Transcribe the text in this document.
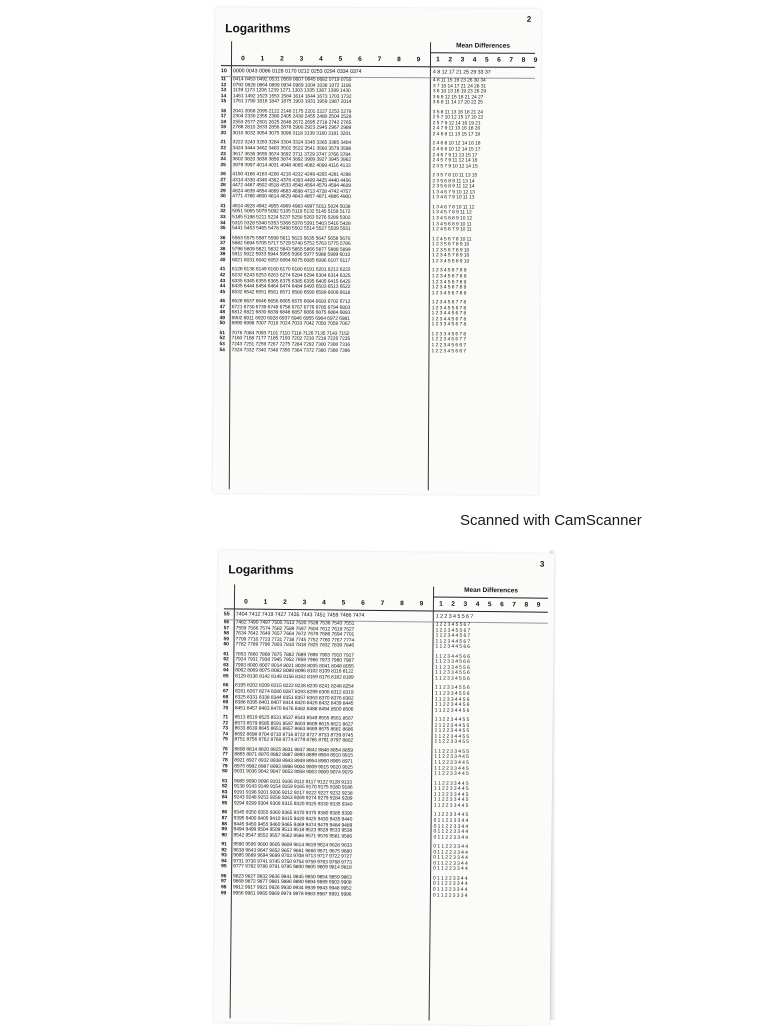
Logarithms
2
Mean Differences
0	1	2	3	4	5	6	7	8	9	1	2	3	4	5	6	7	8	9
10	0000 0043 0086 0128 0170 0212 0253 0294 0334 0374	4 8 12 17 21 25 29 33 37
11	0414 0453 0492 0531 0569 0607 0645 0682 0719 0755	4 8 11 15 19 23 26 30 34
12	0792 0828 0864 0899 0934 0969 1004 1038 1072 1106	3 7 10 14 17 21 24 28 31
13	1139 1173 1206 1239 1271 1303 1335 1367 1399 1430	3 6 10 13 16 19 23 26 29
14	1461 1492 1523 1553 1584 1614 1644 1673 1703 1732	3 6 9 12 15 18 21 24 27
15	1761 1790 1818 1847 1875 1903 1931 1959 1987 2014	3 6 8 11 14 17 20 22 25
16	2041 2068 2095 2122 2148 2175 2201 2227 2253 2279	3 5 8 11 13 16 18 21 24
17	2304 2330 2355 2380 2405 2430 2455 2480 2504 2529	2 5 7 10 12 15 17 20 22
18	2553 2577 2601 2625 2648 2672 2695 2718 2742 2765	2 5 7 9 12 14 16 19 21
19	2788 2810 2833 2856 2878 2900 2923 2945 2967 2989	2 4 7 9 11 13 16 18 20
20	3010 3032 3054 3075 3096 3118 3139 3160 3181 3201	2 4 6 8 11 13 15 17 19
21	3222 3243 3263 3284 3304 3324 3345 3365 3385 3404	2 4 6 8 10 12 14 16 18
22	3424 3444 3462 3483 3502 3522 3541 3560 3579 3598	2 4 6 8 10 12 14 15 17
23	3617 3636 3655 3674 3692 3711 3729 3747 3766 3784	2 4 6 7 9 11 13 15 17
24	3802 3820 3838 3856 3874 3892 3909 3927 3945 3962	2 4 5 7 9 11 12 14 16
25	3979 3997 4014 4031 4048 4065 4082 4099 4116 4133	2 3 5 7 9 10 12 14 15
26	4150 4166 4183 4200 4216 4232 4249 4265 4281 4298	2 3 5 7 8 10 11 13 15
27	4314 4330 4346 4362 4378 4393 4409 4425 4440 4456	2 3 5 6 8 9 11 13 14
28	4472 4487 4502 4518 4533 4548 4564 4579 4594 4609	2 3 5 6 8 9 11 12 14
29	4624 4639 4654 4669 4683 4698 4713 4728 4742 4757	1 3 4 6 7 9 10 12 13
30	4771 4786 4800 4814 4829 4843 4857 4871 4886 4900	1 3 4 6 7 9 10 11 13
31	4914 4928 4942 4955 4969 4983 4997 5011 5024 5038	1 3 4 6 7 8 10 11 12
32	5051 5065 5079 5092 5105 5119 5132 5145 5159 5172	1 3 4 5 7 8 9 11 12
33	5185 5198 5211 5224 5237 5250 5263 5276 5289 5302	1 3 4 5 6 8 9 10 12
34	5315 5328 5340 5353 5366 5378 5391 5403 5416 5428	1 3 4 5 6 8 9 10 11
35	5441 5453 5465 5478 5490 5502 5514 5527 5539 5551	1 2 4 5 6 7 9 10 11
36	5563 5575 5587 5599 5611 5623 5635 5647 5658 5670	1 2 4 5 6 7 8 10 11
37	5682 5694 5705 5717 5729 5740 5752 5763 5775 5786	1 2 3 5 6 7 8 9 10
38	5798 5809 5821 5832 5843 5855 5866 5877 5888 5899	1 2 3 5 6 7 8 9 10
39	5911 5922 5933 5944 5955 5966 5977 5988 5999 6010	1 2 3 4 5 7 8 9 10
40	6021 6031 6042 6053 6064 6075 6085 6096 6107 6117	1 2 3 4 5 6 8 9 10
41	6128 6138 6149 6160 6170 6180 6191 6201 6212 6222	1 2 3 4 5 6 7 8 9
42	6232 6243 6253 6263 6274 6284 6294 6304 6314 6325	1 2 3 4 5 6 7 8 9
43	6335 6345 6355 6365 6375 6385 6395 6405 6415 6425	1 2 3 4 5 6 7 8 9
44	6435 6444 6454 6464 6474 6484 6493 6503 6513 6522	1 2 3 4 5 6 7 8 9
45	6532 6542 6551 6561 6571 6580 6590 6599 6609 6618	1 2 3 4 5 6 7 8 9
46	6628 6637 6646 6656 6665 6675 6684 6693 6702 6712	1 2 3 4 5 6 7 7 8
47	6721 6730 6739 6749 6758 6767 6776 6785 6794 6803	1 2 3 4 5 5 6 7 8
48	6812 6821 6830 6839 6848 6857 6866 6875 6884 6893	1 2 3 4 4 5 6 7 8
49	6902 6911 6920 6928 6937 6946 6955 6964 6972 6981	1 2 3 4 4 5 6 7 8
50	6990 6998 7007 7016 7024 7033 7042 7050 7059 7067	1 2 3 3 4 5 6 7 8
51	7076 7084 7093 7101 7110 7118 7126 7135 7143 7152	1 2 3 3 4 5 6 7 8
52	7160 7168 7177 7185 7193 7202 7210 7218 7226 7235	1 2 2 3 4 5 6 7 7
53	7243 7251 7259 7267 7275 7284 7292 7300 7308 7316	1 2 2 3 4 5 6 6 7
54	7324 7332 7340 7348 7356 7364 7372 7380 7388 7396	1 2 2 3 4 5 6 6 7
Scanned with CamScanner
Logarithms	3
Mean Differences
0	1	2	3	4	5	6	7	8	9	1	2	3	4	5	6	7	8	9
55	7404 7412 7419 7427 7435 7443 7451 7459 7466 7474	1 2 2 3 4 5 5 6 7
56	7482 7490 7497 7505 7513 7520 7528 7536 7543 7551	1 2 2 3 4 5 5 6 7
57	7559 7566 7574 7582 7589 7597 7604 7612 7619 7627	1 2 2 3 4 5 5 6 7
58	7634 7642 7649 7657 7664 7672 7679 7686 7694 7701	1 1 2 3 4 4 5 6 7
59	7709 7716 7723 7731 7738 7745 7752 7760 7767 7774	1 1 2 3 4 4 5 6 7
60	7782 7789 7796 7803 7810 7818 7825 7832 7839 7846	1 1 2 3 4 4 5 6 6
61	7853 7860 7868 7875 7882 7889 7896 7903 7910 7917	1 1 2 3 4 4 5 6 6
62	7924 7931 7938 7945 7952 7959 7966 7973 7980 7987	1 1 2 3 3 4 5 6 6
63	7993 8000 8007 8014 8021 8028 8035 8041 8048 8055	1 1 2 3 3 4 5 5 6
64	8062 8069 8075 8082 8089 8096 8102 8109 8116 8122	1 1 2 3 3 4 5 5 6
65	8129 8136 8142 8149 8156 8162 8169 8176 8182 8189	1 1 2 3 3 4 5 5 6
66	8195 8202 8209 8215 8222 8228 8235 8241 8248 8254	1 1 2 3 3 4 5 5 6
67	8261 8267 8274 8280 8287 8293 8299 8306 8312 8319	1 1 2 3 3 4 5 5 6
68	8325 8331 8338 8344 8351 8357 8363 8370 8376 8382	1 1 2 3 3 4 4 5 6
69	8388 8395 8401 8407 8414 8420 8426 8432 8439 8445	1 1 2 2 3 4 4 5 6
70	8451 8457 8463 8470 8476 8482 8488 8494 8500 8506	1 1 2 2 3 4 4 5 6
71	8513 8519 8525 8531 8537 8543 8549 8555 8561 8567	1 1 2 2 3 4 4 5 5
72	8573 8579 8585 8591 8597 8603 8609 8615 8621 8627	1 1 2 2 3 4 4 5 5
73	8633 8639 8645 8651 8657 8663 8669 8675 8681 8686	1 1 2 2 3 4 4 5 5
74	8692 8698 8704 8710 8716 8722 8727 8733 8739 8745	1 1 2 2 3 4 4 5 5
75	8751 8756 8762 8768 8774 8779 8785 8791 8797 8802	1 1 2 2 3 3 4 5 5
76	8808 8814 8820 8825 8831 8837 8842 8848 8854 8859	1 1 2 2 3 3 4 5 5
77	8865 8871 8876 8882 8887 8893 8899 8904 8910 8915	1 1 2 2 3 3 4 4 5
78	8921 8927 8932 8938 8943 8949 8954 8960 8965 8971	1 1 2 2 3 3 4 4 5
79	8976 8982 8987 8993 8998 9004 9009 9015 9020 9025	1 1 2 2 3 3 4 4 5
80	9031 9036 9042 9047 9053 9058 9063 9069 9074 9079	1 1 2 2 3 3 4 4 5
81	9085 9090 9096 9101 9106 9112 9117 9122 9128 9133	1 1 2 2 3 3 4 4 5
82	9138 9143 9149 9154 9159 9165 9170 9175 9180 9186	1 1 2 2 3 3 4 4 5
83	9191 9196 9201 9206 9212 9217 9222 9227 9232 9238	1 1 2 2 3 3 4 4 5
84	9243 9248 9253 9258 9263 9269 9274 9279 9284 9289	1 1 2 2 3 3 4 4 5
85	9294 9299 9304 9309 9315 9320 9325 9330 9335 9340	1 1 2 2 3 3 4 4 5
86	9345 9350 9355 9360 9365 9370 9375 9380 9385 9390	1 1 2 2 3 3 4 4 5
87	9395 9400 9405 9410 9415 9420 9425 9430 9435 9440	0 1 1 2 2 3 3 4 4
88	9445 9450 9455 9460 9465 9469 9474 9479 9484 9489	0 1 1 2 2 3 3 4 4
89	9494 9499 9504 9509 9513 9518 9523 9528 9533 9538	0 1 1 2 2 3 3 4 4
90	9542 9547 9552 9557 9562 9566 9571 9576 9581 9586	0 1 1 2 2 3 3 4 4
91	9590 9595 9600 9605 9609 9614 9619 9624 9628 9633	0 1 1 2 2 3 3 4 4
92	9638 9643 9647 9652 9657 9661 9666 9671 9675 9680	0 1 1 2 2 3 3 4 4
93	9685 9689 9694 9699 9703 9708 9713 9717 9722 9727	0 1 1 2 2 3 3 4 4
94	9731 9736 9741 9745 9750 9754 9759 9763 9768 9773	0 1 1 2 2 3 3 4 4
95	9777 9782 9786 9791 9795 9800 9805 9809 9814 9818	0 1 1 2 2 3 3 4 4
96	9823 9827 9832 9836 9841 9845 9850 9854 9859 9863	0 1 1 2 2 3 3 4 4
97	9868 9872 9877 9881 9886 9890 9894 9899 9903 9908	0 1 1 2 2 3 3 4 4
98	9912 9917 9921 9926 9930 9934 9939 9943 9948 9952	0 1 1 2 2 3 3 4 4
99	9956 9961 9965 9969 9974 9978 9983 9987 9991 9996	0 1 1 2 2 3 3 3 4
